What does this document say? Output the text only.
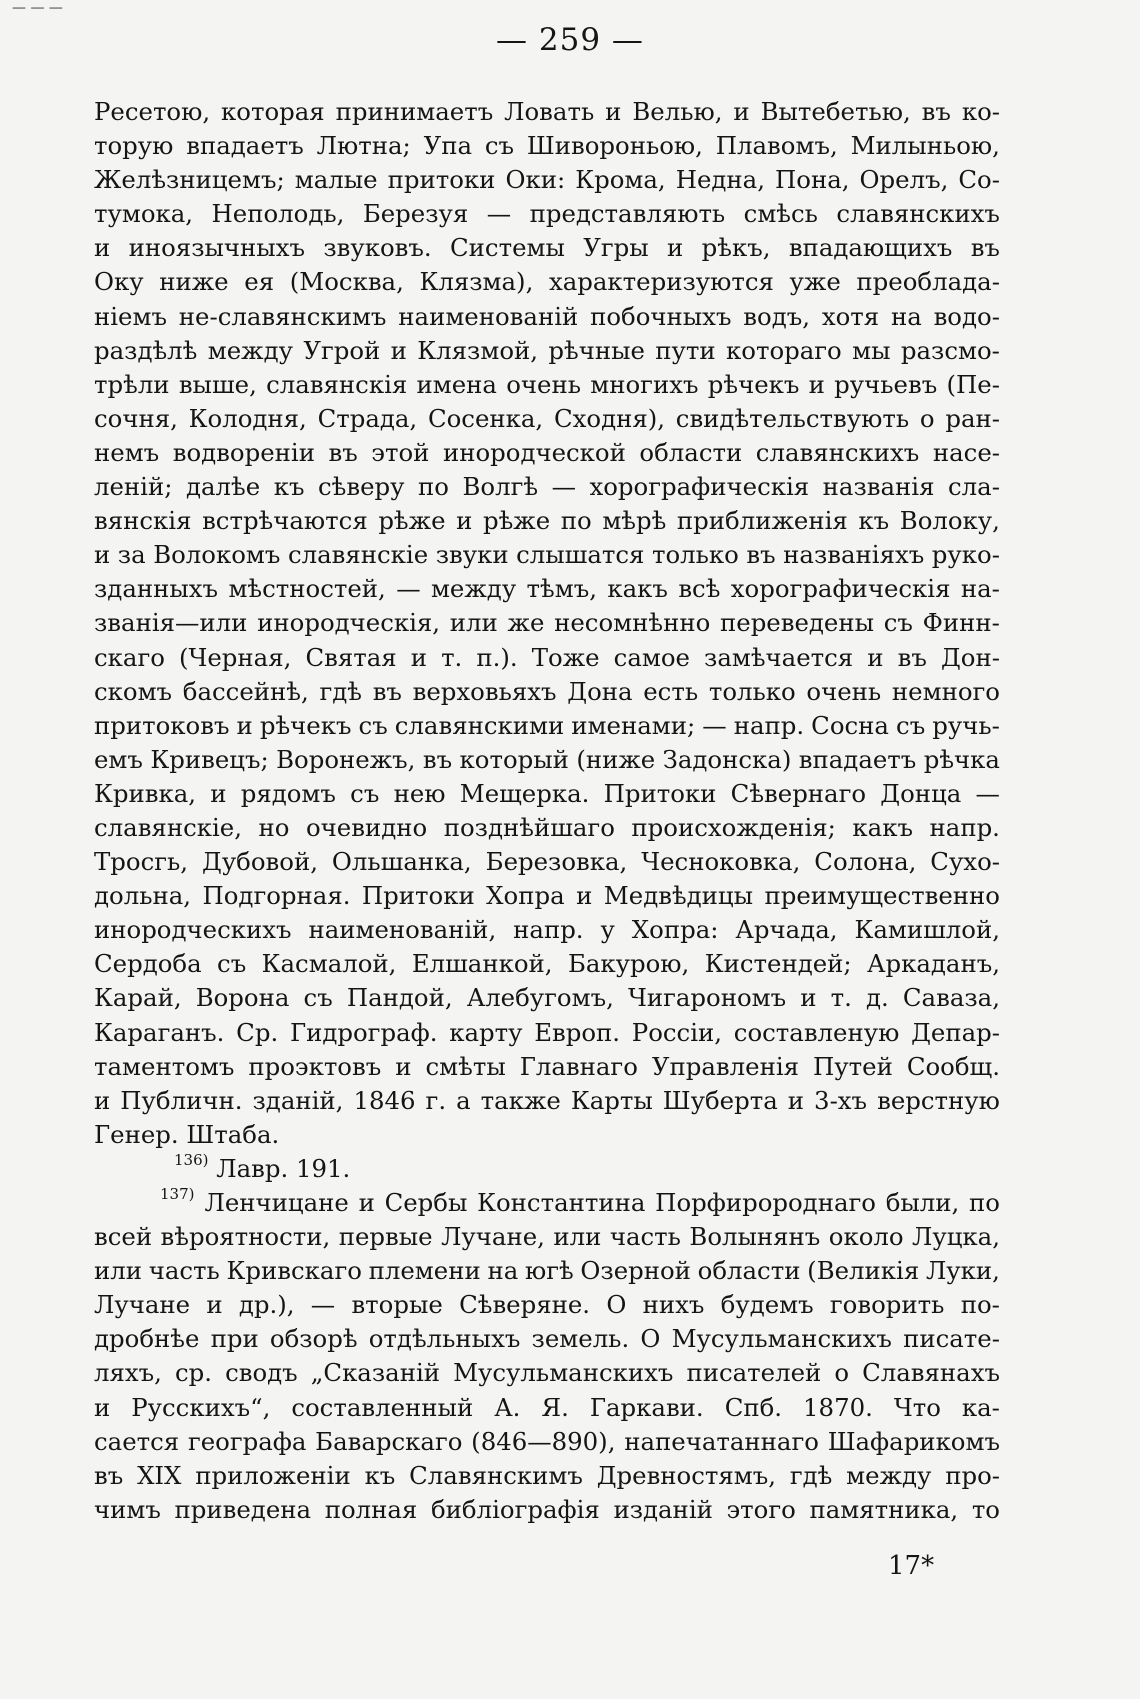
— — —
— 259 —
Ресетою, которая принимаетъ Ловать и Велью, и Вытебетью, въ ко-
торую впадаетъ Лютна; Упа съ Шивороньою, Плавомъ, Милыньою,
Желѣзницемъ; малые притоки Оки: Крома, Недна, Пона, Орелъ, Со-
тумока, Неполодь, Березуя — представляють смѣсь славянскихъ
и иноязычныхъ звуковъ. Системы Угры и рѣкъ, впадающихъ въ
Оку ниже ея (Москва, Клязма), характеризуются уже преоблада-
ніемъ не-славянскимъ наименованій побочныхъ водъ, хотя на водо-
раздѣлѣ между Угрой и Клязмой, рѣчные пути котораго мы разсмо-
трѣли выше, славянскія имена очень многихъ рѣчекъ и ручьевъ (Пе-
сочня, Колодня, Страда, Сосенка, Сходня), свидѣтельствують о ран-
немъ водвореніи въ этой инородческой области славянскихъ насе-
леній; далѣе къ сѣверу по Волгѣ — хорографическія названія сла-
вянскія встрѣчаются рѣже и рѣже по мѣрѣ приближенія къ Волоку,
и за Волокомъ славянскіе звуки слышатся только въ названіяхъ руко-
зданныхъ мѣстностей, — между тѣмъ, какъ всѣ хорографическія на-
званія—или инородческія, или же несомнѣнно переведены съ Финн-
скаго (Черная, Святая и т. п.). Тоже самое замѣчается и въ Дон-
скомъ бассейнѣ, гдѣ въ верховьяхъ Дона есть только очень немного
притоковъ и рѣчекъ съ славянскими именами; — напр. Сосна съ ручь-
емъ Кривецъ; Воронежъ, въ который (ниже Задонска) впадаетъ рѣчка
Кривка, и рядомъ съ нею Мещерка. Притоки Сѣвернаго Донца —
славянскіе, но очевидно позднѣйшаго происхожденія; какъ напр.
Тросгь, Дубовой, Ольшанка, Березовка, Чесноковка, Солона, Сухо-
дольна, Подгорная. Притоки Хопра и Медвѣдицы преимущественно
инородческихъ наименованій, напр. у Хопра: Арчада, Камишлой,
Сердоба съ Касмалой, Елшанкой, Бакурою, Кистендей; Аркаданъ,
Карай, Ворона съ Пандой, Алебугомъ, Чигарономъ и т. д. Саваза,
Караганъ. Ср. Гидрограф. карту Европ. Россіи, составленую Депар-
таментомъ проэктовъ и смѣты Главнаго Управленія Путей Сообщ.
и Публичн. зданій, 1846 г. а также Карты Шуберта и 3-хъ верстную
Генер. Штаба.
136)
Лавр. 191.
137) Ленчицане и Сербы Константина Порфиророднаго были, по
всей вѣроятности, первые Лучане, или часть Волынянъ около Луцка,
или часть Кривскаго племени на югѣ Озерной области (Великія Луки,
Лучане и др.), — вторые Сѣверяне. О нихъ будемъ говорить по-
дробнѣе при обзорѣ отдѣльныхъ земель. О Мусульманскихъ писате-
ляхъ, ср. сводъ „Сказаній Мусульманскихъ писателей о Славянахъ
и Русскихъ“, составленный А. Я. Гаркави. Спб. 1870. Что ка-
сается географа Баварскаго (846—890), напечатаннаго Шафарикомъ
въ XIX приложеніи къ Славянскимъ Древностямъ, гдѣ между про-
чимъ приведена полная библіографія изданій этого памятника, то
17*
